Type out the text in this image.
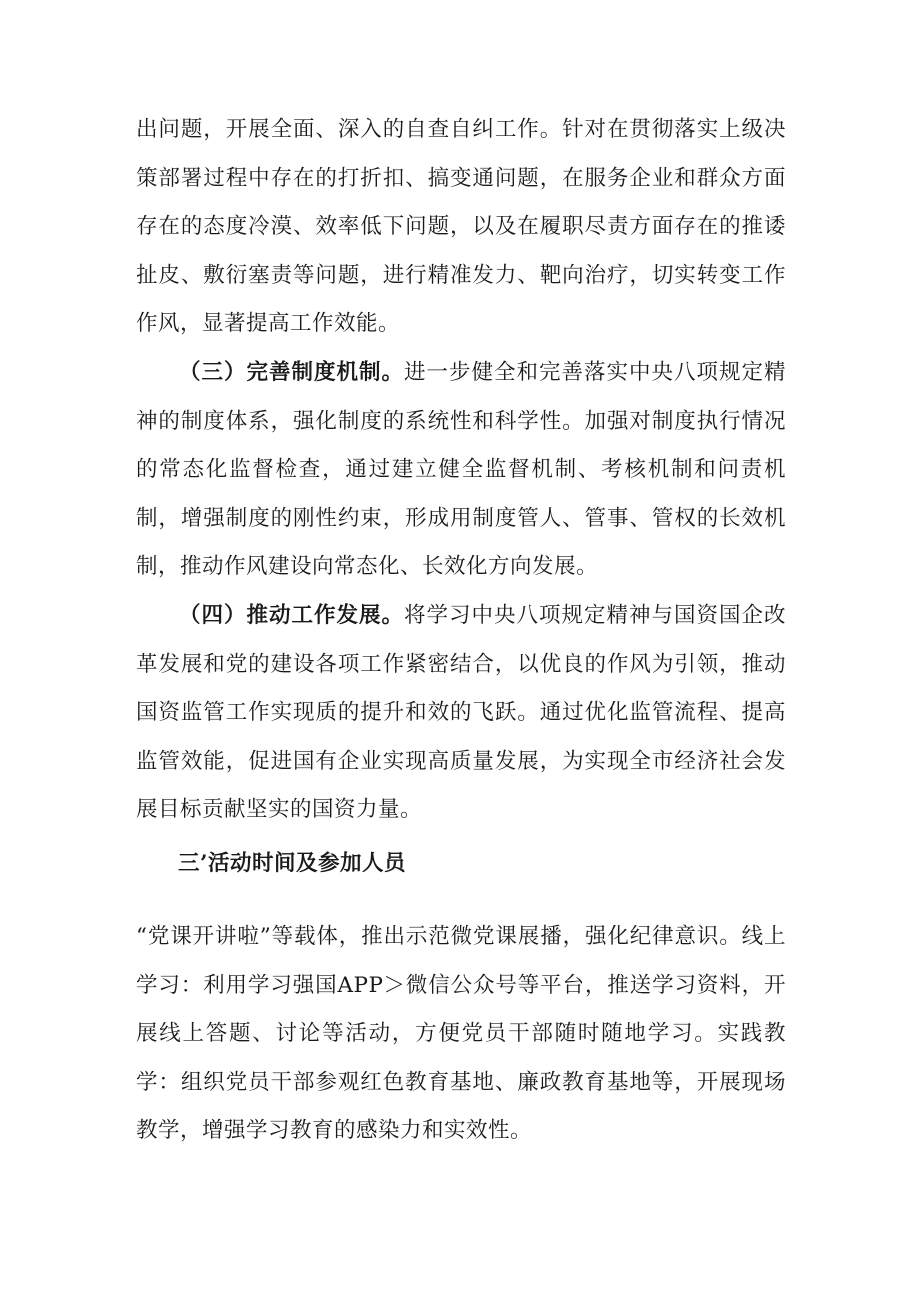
出问题，开展全面、深入的自查自纠工作。针对在贯彻落实上级决策部署过程中存在的打折扣、搞变通问题，在服务企业和群众方面存在的态度冷漠、效率低下问题，以及在履职尽责方面存在的推诿扯皮、敷衍塞责等问题，进行精准发力、靶向治疗，切实转变工作作风，显著提高工作效能。

（三）完善制度机制。进一步健全和完善落实中央八项规定精神的制度体系，强化制度的系统性和科学性。加强对制度执行情况的常态化监督检查，通过建立健全监督机制、考核机制和问责机制，增强制度的刚性约束，形成用制度管人、管事、管权的长效机制，推动作风建设向常态化、长效化方向发展。

（四）推动工作发展。将学习中央八项规定精神与国资国企改革发展和党的建设各项工作紧密结合，以优良的作风为引领，推动国资监管工作实现质的提升和效的飞跃。通过优化监管流程、提高监管效能，促进国有企业实现高质量发展，为实现全市经济社会发展目标贡献坚实的国资力量。

三’活动时间及参加人员

“党课开讲啦”等载体，推出示范微党课展播，强化纪律意识。线上学习：利用学习强国APP＞微信公众号等平台，推送学习资料，开展线上答题、讨论等活动，方便党员干部随时随地学习。实践教学：组织党员干部参观红色教育基地、廉政教育基地等，开展现场教学，增强学习教育的感染力和实效性。
